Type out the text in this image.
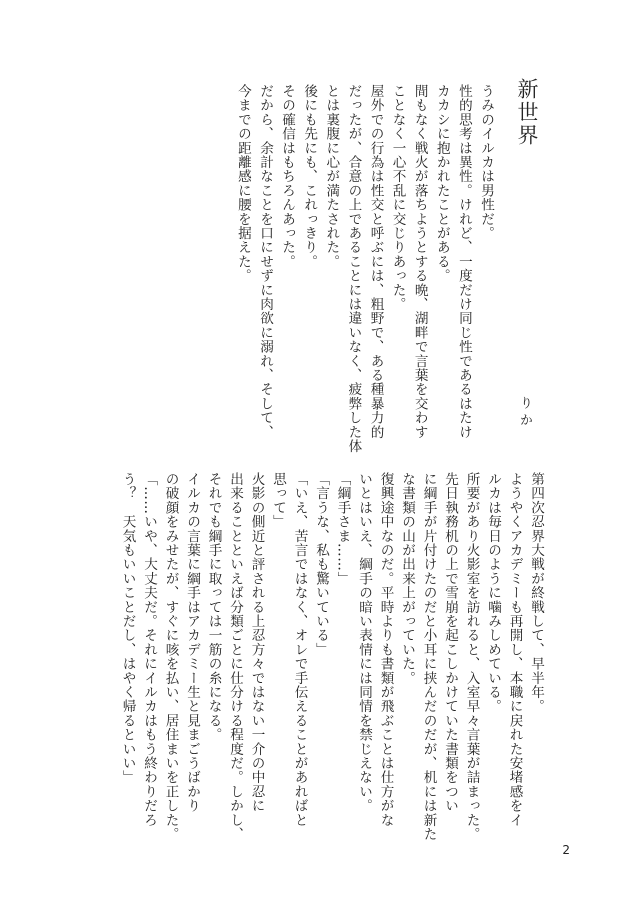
新世界
りか
うみのイルカは男性だ。
性的思考は異性。けれど、一度だけ同じ性であるはたけ
カカシに抱かれたことがある。
間もなく戦火が落ちようとする晩、湖畔で言葉を交わす
ことなく一心不乱に交じりあった。
屋外での行為は性交と呼ぶには、粗野で、ある種暴力的
だったが、合意の上であることには違いなく、疲弊した体
とは裏腹に心が満たされた。
後にも先にも、これっきり。
その確信はもちろんあった。
だから、余計なことを口にせずに肉欲に溺れ、そして、
今までの距離感に腰を据えた。
第四次忍界大戦が終戦して、早半年。
ようやくアカデミーも再開し、本職に戻れた安堵感をイ
ルカは毎日のように噛みしめている。
所要があり火影室を訪れると、入室早々言葉が詰まった。
先日執務机の上で雪崩を起こしかけていた書類をつい
に綱手が片付けたのだと小耳に挟んだのだが、机には新た
な書類の山が出来上がっていた。
復興途中なのだ。平時よりも書類が飛ぶことは仕方がな
いとはいえ、綱手の暗い表情には同情を禁じえない。
「綱手さま……」
「言うな、私も驚いている」
「いえ、苦言ではなく、オレで手伝えることがあればと
思って」
火影の側近と評される上忍方々ではない一介の中忍に
出来ることといえば分類ごとに仕分ける程度だ。しかし、
それでも綱手に取っては一筋の糸になる。
イルカの言葉に綱手はアカデミー生と見まごうばかり
の破顔をみせたが、すぐに咳を払い、居住まいを正した。
「……いや、大丈夫だ。それにイルカはもう終わりだろ
う？　天気もいいことだし、はやく帰るといい」
2
